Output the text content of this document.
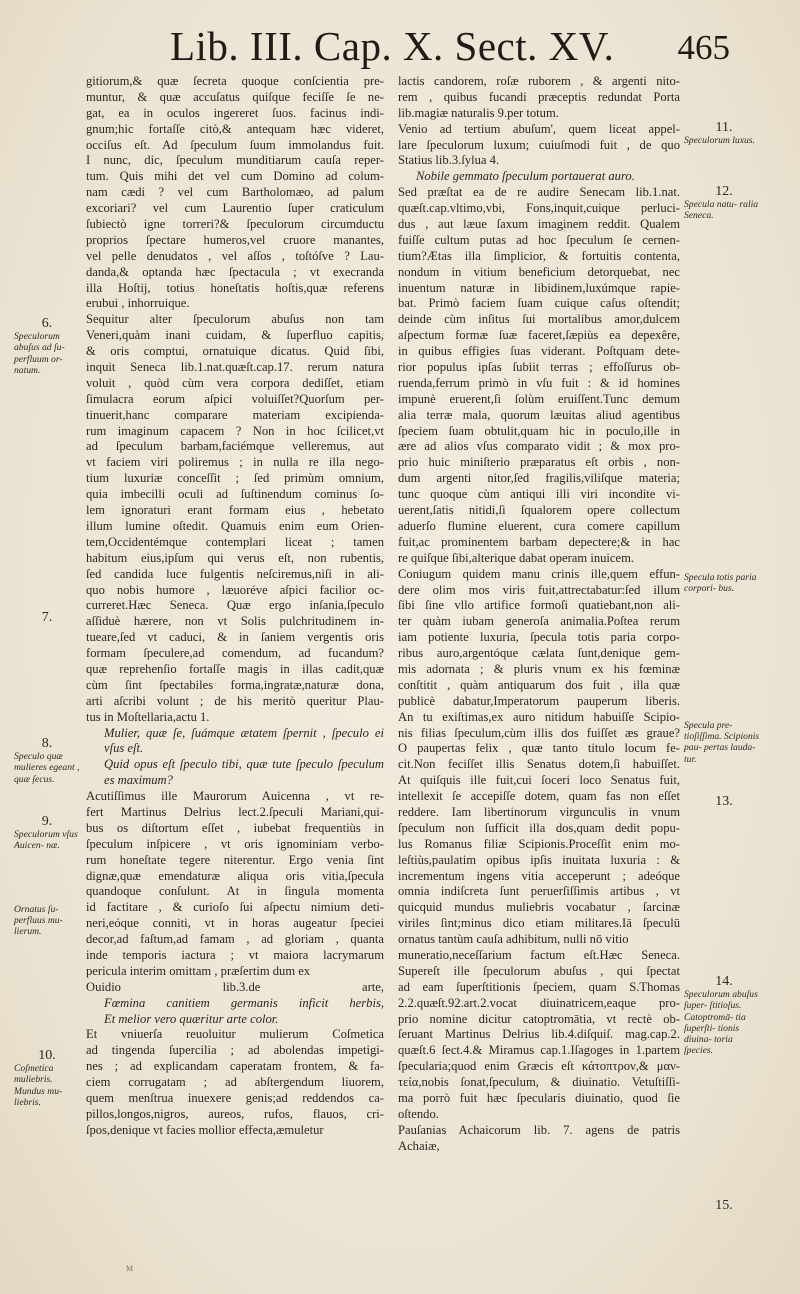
Lib. III. Cap. X. Sect. XV. 465
gitiorum,& quæ ſecreta quoque conſcientia pre-
muntur, & quæ accuſatus quiſque feciſſe ſe ne-
gat, ea in oculos ingereret ſuos. facinus indi-
gnum;hic fortaſſe citò,& antequam hæc videret,
occiſus eſt. Ad ſpeculum ſuum immolandus fuit.
I nunc, dic, ſpeculum munditiarum cauſa reper-
tum. Quis mihi det vel cum Domino ad colum-
nam cædi ? vel cum Bartholomæo, ad palum
excoriari? vel cum Laurentio ſuper craticulum
ſubiectò igne torreri?& ſpeculorum circumductu
proprios ſpectare humeros,vel cruore manantes,
vel pelle denudatos , vel aſſos , toſtóſve ? Lau-
danda,& optanda hæc ſpectacula ; vt execranda
illa Hoſtij, totius honeſtatis hoſtis,quæ referens
erubui , inhorruique.
Sequitur alter ſpeculorum abuſus non tam
Veneri,quàm inani cuidam, & ſuperfluo capitis,
& oris comptui, ornatuique dicatus. Quid ſibi,
inquit Seneca lib.1.nat.quæſt.cap.17. rerum natura
voluit , quòd cùm vera corpora dediſſet, etiam
ſimulacra eorum aſpici voluiſſet?Quorſum per-
tinuerit,hanc comparare materiam excipienda-
rum imaginum capacem ? Non in hoc ſcilicet,vt
ad ſpeculum barbam,faciémque velleremus, aut
vt faciem viri poliremus ; in nulla re illa nego-
tium luxuriæ conceſſit ; ſed primùm omnium,
quia imbecilli oculi ad ſuſtinendum cominus ſo-
lem ignoraturi erant formam eius , hebetato
illum lumine oſtedit. Quamuis enim eum Orien-
tem,Occidentémque contemplari liceat ; tamen
habitum eius,ipſum qui verus eſt, non rubentis,
ſed candida luce fulgentis neſciremus,niſi in ali-
quo nobis humore , læuoréve aſpici facilior oc-
curreret.Hæc Seneca. Quæ ergo inſania,ſpeculo
aſſiduè hærere, non vt Solis pulchritudinem in-
tueare,ſed vt caduci, & in ſaniem vergentis oris
formam ſpeculere,ad comendum, ad fucandum?
quæ reprehenſio fortaſſe magis in illas cadit,quæ
cùm ſint ſpectabiles forma,ingratæ,naturæ dona,
arti aſcribi volunt ; de his meritò queritur Plau-
tus in Moſtellaria,actu 1.
Mulier, quæ ſe, ſuámque ætatem ſpernit , ſpeculo ei
vſus eſt.
Quid opus eſt ſpeculo tibi, quæ tute ſpeculo ſpeculum
es maximum?
Acutiſſimus ille Maurorum Auicenna , vt re-
fert Martinus Delrius lect.2.ſpeculi Mariani,qui-
bus os diſtortum eſſet , iubebat frequentiùs in
ſpeculum inſpicere , vt oris ignominiam verbo-
rum honeſtate tegere niterentur. Ergo venia ſint
dignæ,quæ emendaturæ aliqua oris vitia,ſpecula
quandoque conſulunt. At in ſingula momenta
id factitare , & curioſo ſui aſpectu nimium deti-
neri,eóque conniti, vt in horas augeatur ſpeciei
decor,ad faſtum,ad famam , ad gloriam , quanta
inde temporis iactura ; vt maiora lacrymarum
pericula interim omittam , præſertim dum ex
Ouidio lib.3.de arte,
Fœmina canitiem germanis inficit herbis,
Et melior vero quæritur arte color.
Et vniuerſa reuoluitur mulierum Coſmetica
ad tingenda ſupercilia ; ad abolendas impetigi-
nes ; ad explicandam caperatam frontem, & fa-
ciem corrugatam ; ad abſtergendum liuorem,
quem menſtrua inuexere genis;ad reddendos ca-
pillos,longos,nigros, aureos, rufos, flauos, cri-
ſpos,denique vt facies mollior effecta,æmuletur
lactis candorem, roſæ ruborem , & argenti nito-
rem , quibus fucandi præceptis redundat Porta
lib.magiæ naturalis 9.per totum.
Venio ad tertium abuſum', quem liceat appel-
lare ſpeculorum luxum; cuiuſmodi fuit , de quo
Statius lib.3.ſylua 4.
Nobile gemmato ſpeculum portauerat auro.
Sed præſtat ea de re audire Senecam lib.1.nat.
quæſt.cap.vltimo,vbi, Fons,inquit,cuique perluci-
dus , aut læue ſaxum imaginem reddit. Qualem
fuiſſe cultum putas ad hoc ſpeculum ſe cernen-
tium?Ætas illa ſimplicior, & fortuitis contenta,
nondum in vitium beneficium detorquebat, nec
inuentum naturæ in libidinem,luxúmque rapie-
bat. Primò faciem ſuam cuique caſus oſtendit;
deinde cùm inſitus ſui mortalibus amor,dulcem
aſpectum formæ ſuæ faceret,ſæpiùs ea depexêre,
in quibus effigies ſuas viderant. Poſtquam dete-
rior populus ipſas ſubiit terras ; effoſſurus ob-
ruenda,ferrum primò in vſu fuit : & id homines
impunè eruerent,ſi ſolùm eruiſſent.Tunc demum
alia terræ mala, quorum læuitas aliud agentibus
ſpeciem ſuam obtulit,quam hic in poculo,ille in
ære ad alios vſus comparato vidit ; & mox pro-
prio huic miniſterio præparatus eſt orbis , non-
dum argenti nitor,ſed fragilis,viliſque materia;
tunc quoque cùm antiqui illi viri incondite vi-
uerent,ſatis nitidi,ſi ſqualorem opere collectum
aduerſo flumine eluerent, cura comere capillum
fuit,ac prominentem barbam depectere;& in hac
re quiſque ſibi,alterique dabat operam inuicem.
Coniugum quidem manu crinis ille,quem effun-
dere olim mos viris fuit,attrectabatur:ſed illum
ſibi ſine vllo artifice formoſi quatiebant,non ali-
ter quàm iubam generoſa animalia.Poſtea rerum
iam potiente luxuria, ſpecula totis paria corpo-
ribus auro,argentóque cælata ſunt,denique gem-
mis adornata ; & pluris vnum ex his fœminæ
conſtitit , quàm antiquarum dos fuit , illa quæ
publicè dabatur,Imperatorum pauperum liberis.
An tu exiſtimas,ex auro nitidum habuiſſe Scipio-
nis filias ſpeculum,cùm illis dos fuiſſet æs graue?
O paupertas felix , quæ tanto titulo locum fe-
cit.Non feciſſet illis Senatus dotem,ſi habuiſſet.
At quiſquis ille fuit,cui ſoceri loco Senatus fuit,
intellexit ſe accepiſſe dotem, quam fas non eſſet
reddere. Iam libertinorum virgunculis in vnum
ſpeculum non ſufficit illa dos,quam dedit popu-
lus Romanus filiæ Scipionis.Proceſſit enim mo-
leſtiùs,paulatim opibus ipſis inuitata luxuria : &
incrementum ingens vitia acceperunt ; adeóque
omnia indiſcreta ſunt peruerſiſſimis artibus , vt
quicquid mundus muliebris vocabatur , ſarcinæ
viriles ſint;minus dico etiam militares.Iā ſpeculū
ornatus tantùm cauſa adhibitum, nulli nō vitio
muneratio,neceſſarium factum eſt.Hæc Seneca.
Supereſt ille ſpeculorum abuſus , qui ſpectat
ad eam ſuperſtitionis ſpeciem, quam S.Thomas
2.2.quæſt.92.art.2.vocat diuinatricem,eaque pro-
prio nomine dicitur catoptromātia, vt rectè ob-
ſeruant Martinus Delrius lib.4.diſquiſ. mag.cap.2.
quæſt.6 ſect.4.& Miramus cap.1.Iſagoges in 1.partem
ſpecularia;quod enim Græcis eſt κάτοπτρον,& μαν-
τεία,nobis ſonat,ſpeculum, & diuinatio. Vetuſtiſſi-
ma porrò fuit hæc ſpecularis diuinatio, quod ſie
oſtendo.
Pauſanias Achaicorum lib. 7. agens de patris
Achaiæ,
6.
Speculorum abuſus ad ſu- perfluum or- natum.
7.
8.
Speculo quæ mulieres egeant , quæ ſecus.
9.
Speculorum vſus Auicen- næ.
Ornatus ſu- perfluus mu- lierum.
10.
Coſmetica muliebris. Mundus mu- liebris.
11.
Speculorum luxus.
12.
Specula natu- ralia Seneca.
Specula totis paria corpori- bus.
Specula pre- tioſiſſima. Scipionis pau- pertas lauda- tur.
13.
14.
Speculorum abuſus ſuper- ſtitioſus. Catoptromā- tia ſuperſti- tionis diuina- toria ſpecies.
15.
M
